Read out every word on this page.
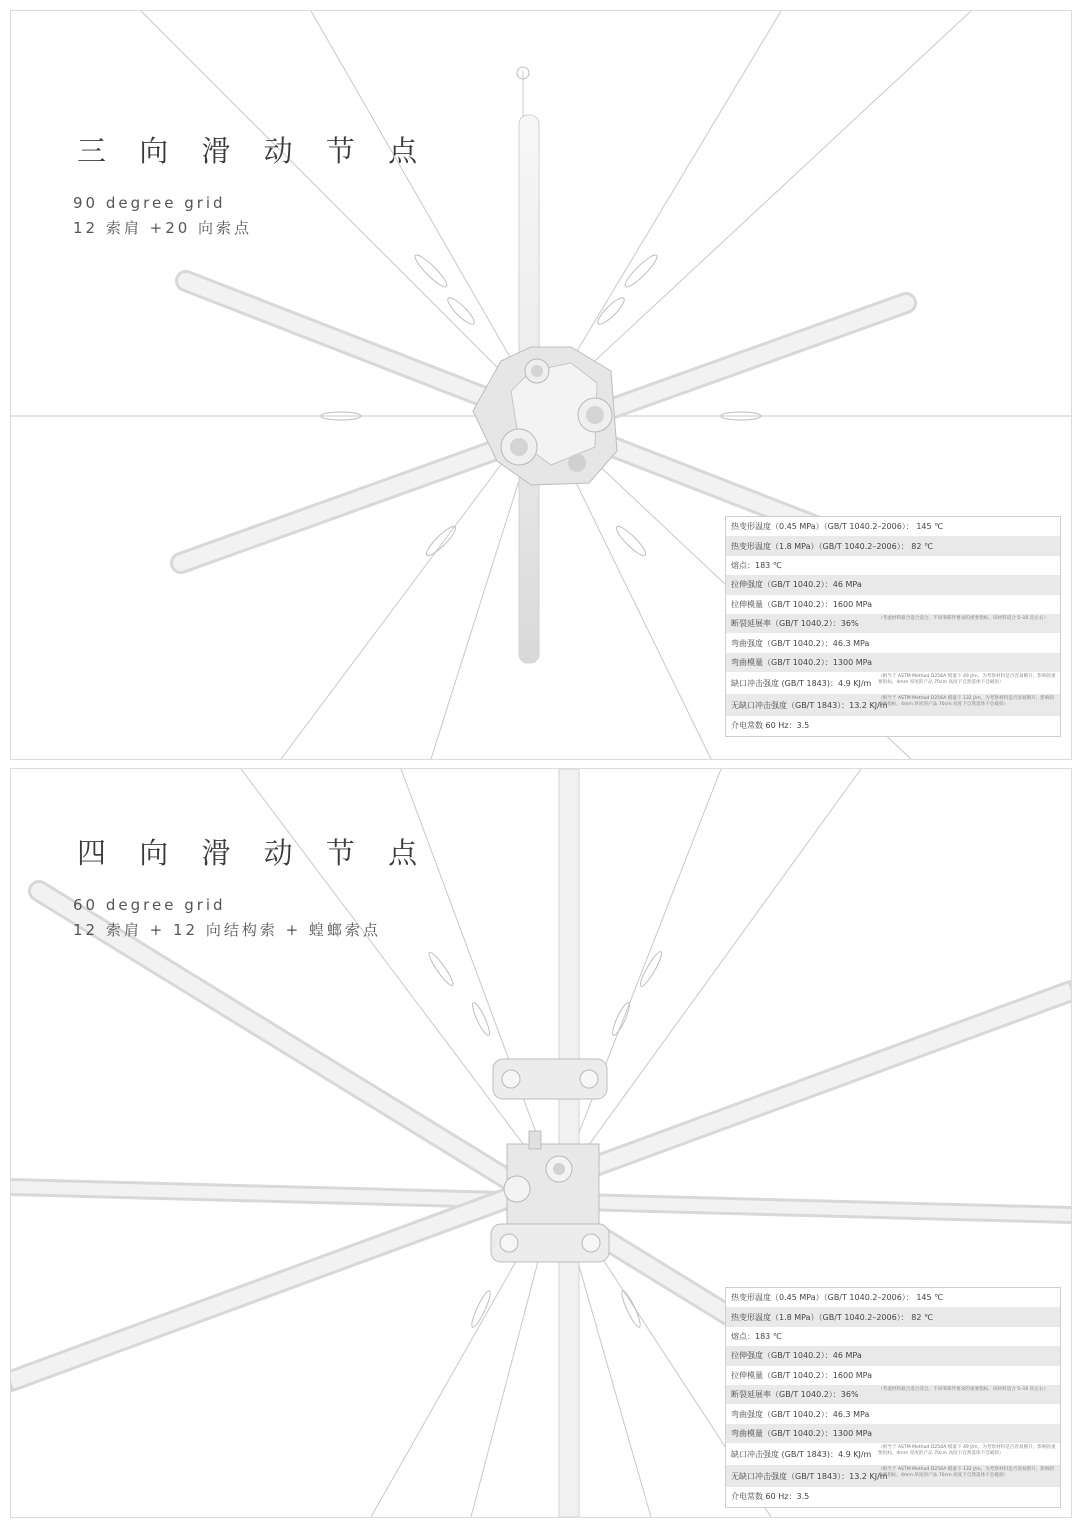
三 向 滑 动 节 点
90 degree grid
12 索肩 +20 向索点
热变形温度（0.45 MPa）（GB/T 1040.2–2006）： 145 ℃
热变形温度（1.8 MPa）（GB/T 1040.2–2006）： 82 ℃
熔点：183 ℃
拉伸强度（GB/T 1040.2）：46 MPa
拉伸模量（GB/T 1040.2）：1600 MPa
断裂延展率（GB/T 1040.2）：36%
（考虑材料最合适合适合，不同零部件要求的重要指标，该材料适合 5–10 次左右）
弯曲强度（GB/T 1040.2）：46.3 MPa
弯曲模量（GB/T 1040.2）：1300 MPa
缺口冲击强度 (GB/T 1843)：4.9 KJ/m
（相当于 ASTM Method D256A 模量下 49 J/m，为考察材料是否容易断开，影响的重要指标，4mm 厚度的产品 70cm 高度下自然落体不会破损）
无缺口冲击强度（GB/T 1843）：13.2 KJ/m
（相当于 ASTM Method D256A 模量下 132 J/m，为考察材料是否容易断开，影响的重要指标，4mm 厚度的产品 70cm 高度下自然落体不会破损）
介电常数 60 Hz：3.5
四 向 滑 动 节 点
60 degree grid
12 索肩 + 12 向结构索 + 蝗螂索点
热变形温度（0.45 MPa）（GB/T 1040.2–2006）： 145 ℃
热变形温度（1.8 MPa）（GB/T 1040.2–2006）： 82 ℃
熔点：183 ℃
拉伸强度（GB/T 1040.2）：46 MPa
拉伸模量（GB/T 1040.2）：1600 MPa
断裂延展率（GB/T 1040.2）：36%
（考虑材料最合适合适合，不同零部件要求的重要指标，该材料适合 5–10 次左右）
弯曲强度（GB/T 1040.2）：46.3 MPa
弯曲模量（GB/T 1040.2）：1300 MPa
缺口冲击强度 (GB/T 1843)：4.9 KJ/m
（相当于 ASTM Method D256A 模量下 49 J/m，为考察材料是否容易断开，影响的重要指标，4mm 厚度的产品 70cm 高度下自然落体不会破损）
无缺口冲击强度（GB/T 1843）：13.2 KJ/m
（相当于 ASTM Method D256A 模量下 132 J/m，为考察材料是否容易断开，影响的重要指标，4mm 厚度的产品 70cm 高度下自然落体不会破损）
介电常数 60 Hz：3.5
